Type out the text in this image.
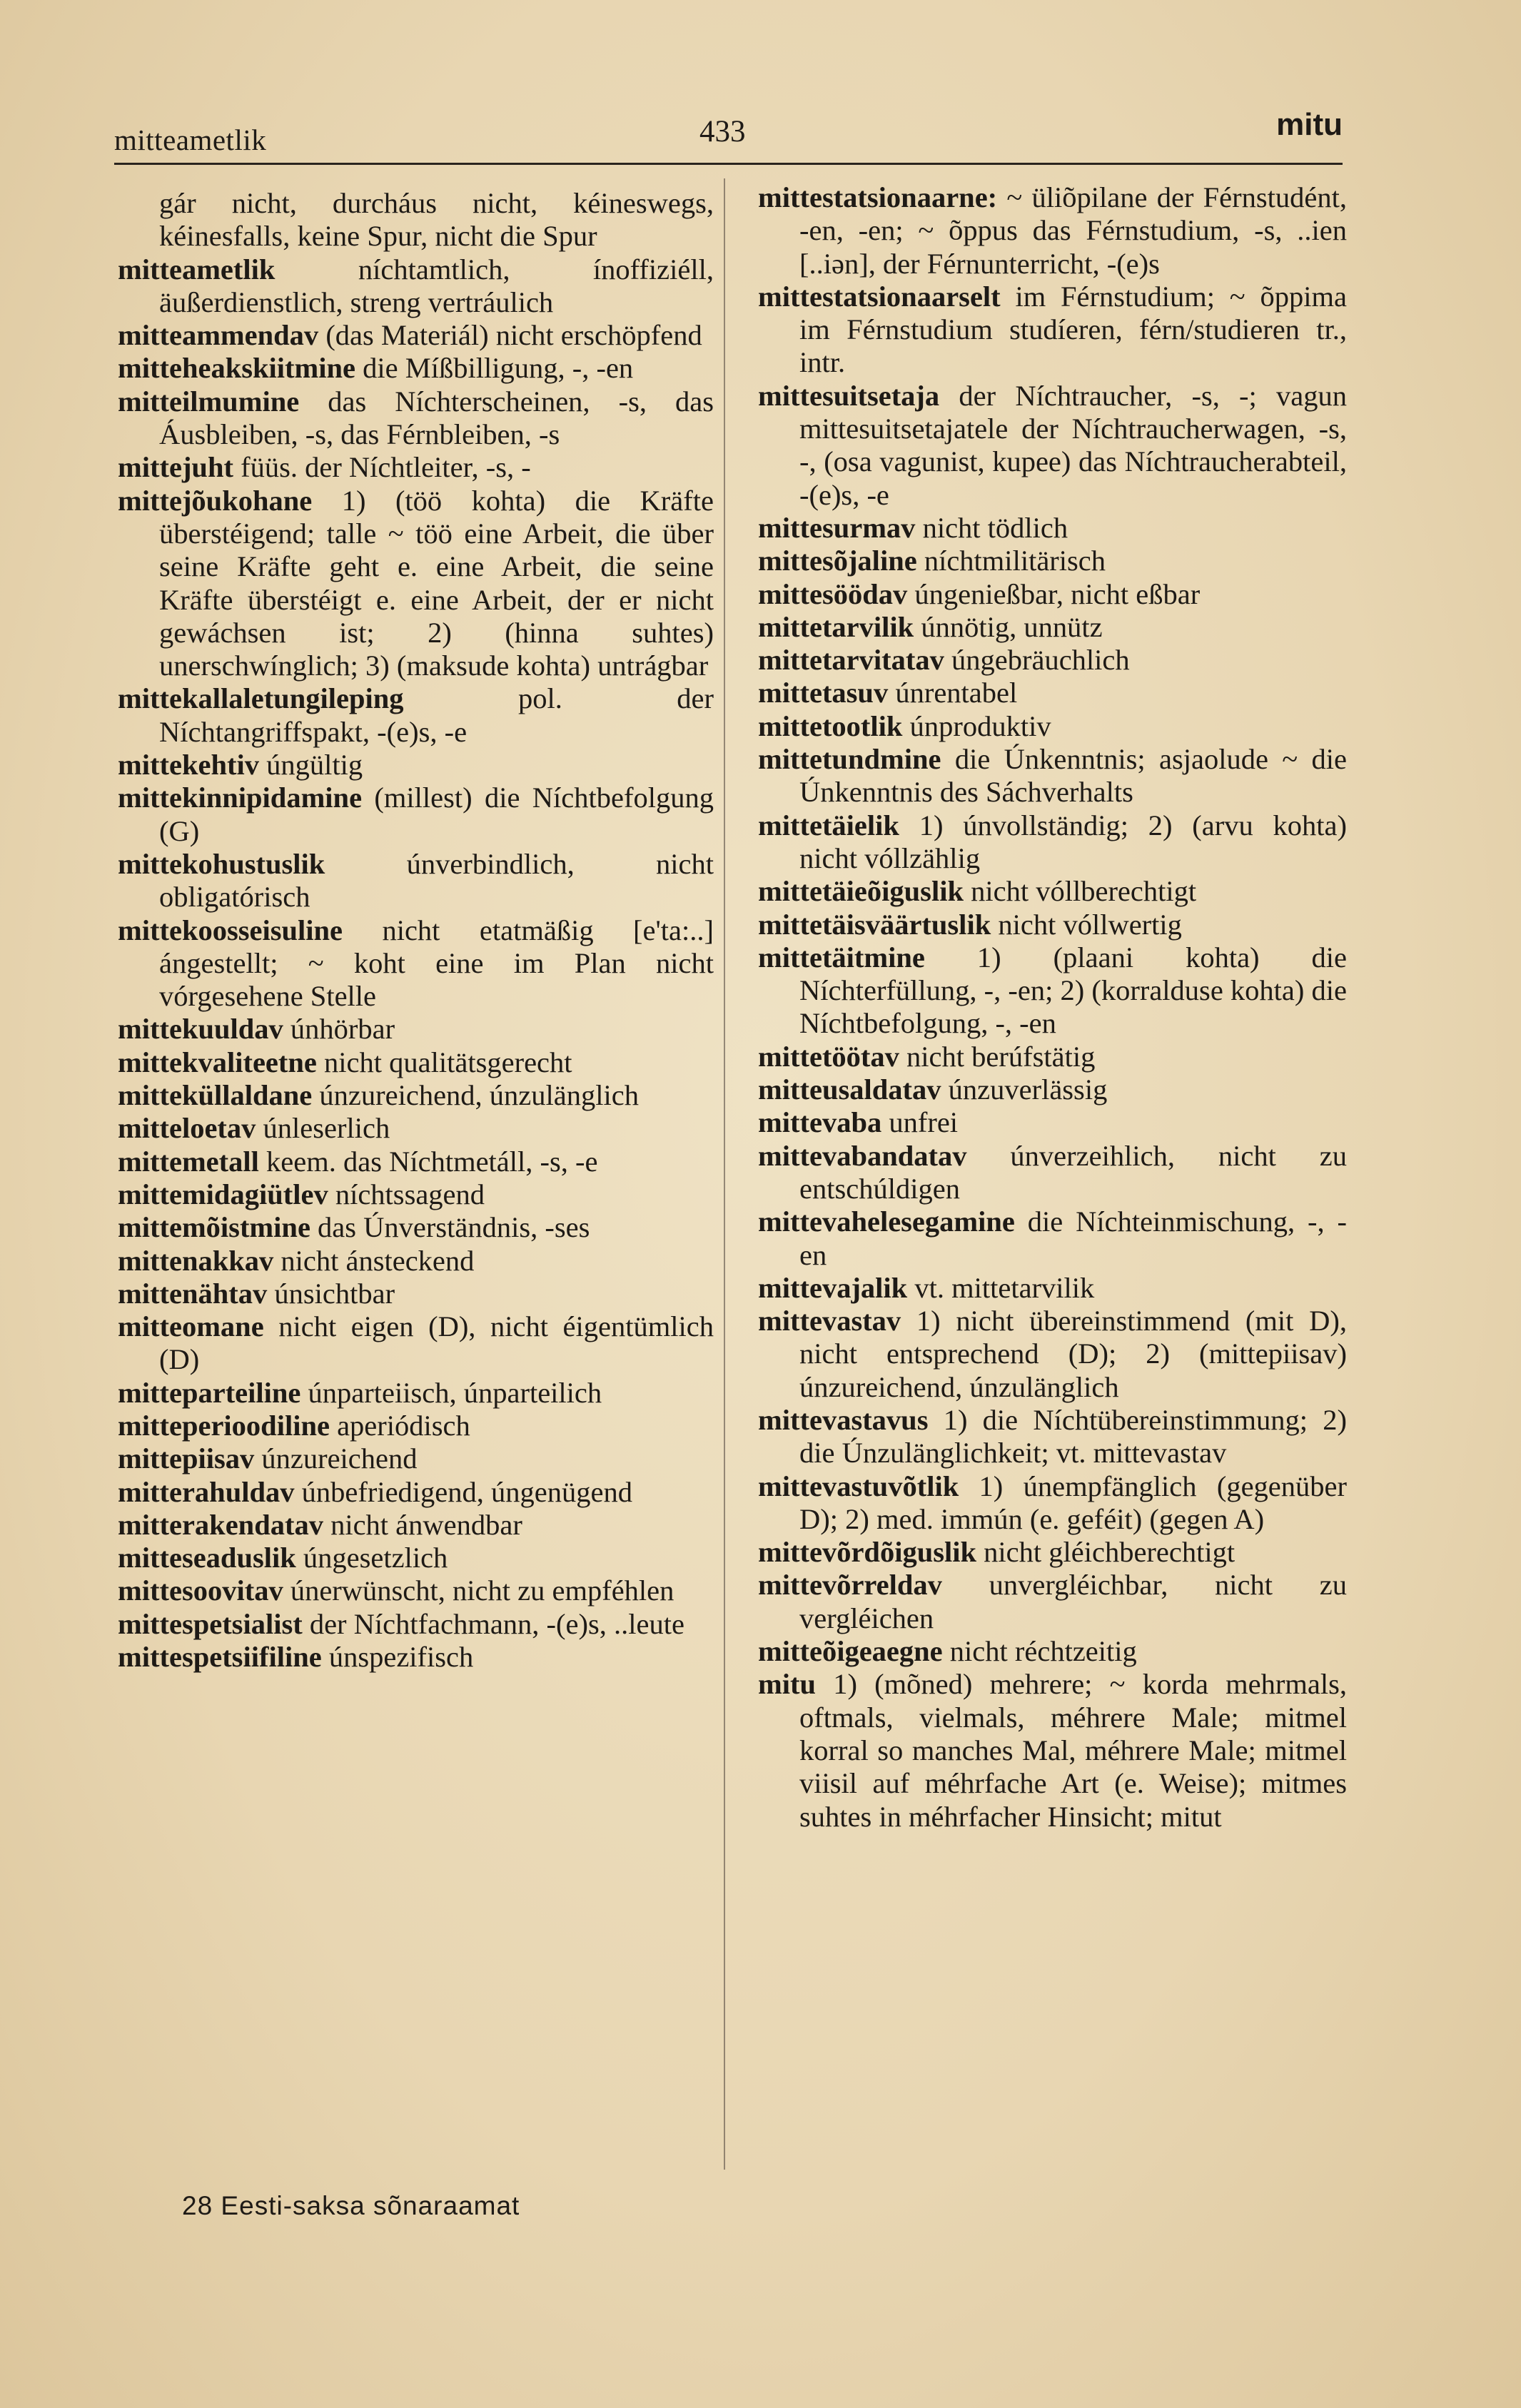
mitteametlik	433	mitu

gár nicht, durcháus nicht, kéineswegs, kéinesfalls, keine Spur, nicht die Spur

mitteametlik níchtamtlich, ínoffiziéll, äußerdienstlich, streng vertráulich

mitteammendav (das Materiál) nicht erschöpfend

mitteheakskiitmine die Míßbilligung, -, -en

mitteilmumine das Níchterscheinen, -s, das Áusbleiben, -s, das Férnbleiben, -s

mittejuht füüs. der Níchtleiter, -s, -

mittejõukohane 1) (töö kohta) die Kräfte überstéigend; talle ~ töö eine Arbeit, die über seine Kräfte geht e. eine Arbeit, die seine Kräfte überstéigt e. eine Arbeit, der er nicht gewáchsen ist; 2) (hinna suhtes) unerschwínglich; 3) (maksude kohta) untrágbar

mittekallaletungileping pol. der Níchtangriffspakt, -(e)s, -e

mittekehtiv úngültig

mittekinnipidamine (millest) die Níchtbefolgung (G)

mittekohustuslik únverbindlich, nicht obligatórisch

mittekoosseisuline nicht etatmäßig [e'ta:..] ángestellt; ~ koht eine im Plan nicht vórgesehene Stelle

mittekuuldav únhörbar

mittekvaliteetne nicht qualitätsgerecht

mitteküllaldane únzureichend, únzulänglich

mitteloetav únleserlich

mittemetall keem. das Níchtmetáll, -s, -e

mittemidagiütlev níchtssagend

mittemõistmine das Únverständnis, -ses

mittenakkav nicht ánsteckend

mittenähtav únsichtbar

mitteomane nicht eigen (D), nicht éigentümlich (D)

mitteparteiline únparteiisch, únparteilich

mitteperioodiline aperiódisch

mittepiisav únzureichend

mitterahuldav únbefriedigend, úngenügend

mitterakendatav nicht ánwendbar

mitteseaduslik úngesetzlich

mittesoovitav únerwünscht, nicht zu empféhlen

mittespetsialist der Níchtfachmann, -(e)s, ..leute

mittespetsiifiline únspezifisch

mittestatsionaarne: ~ üliõpilane der Férnstudént, -en, -en; ~ õppus das Férnstudium, -s, ..ien [..iən], der Férnunterricht, -(e)s

mittestatsionaarselt im Férnstudium; ~ õppima im Férnstudium studíeren, férn/studieren tr., intr.

mittesuitsetaja der Níchtraucher, -s, -; vagun mittesuitsetajatele der Níchtraucherwagen, -s, -, (osa vagunist, kupee) das Níchtraucherabteil, -(e)s, -e

mittesurmav nicht tödlich

mittesõjaline níchtmilitärisch

mittesöödav úngenießbar, nicht eßbar

mittetarvilik únnötig, unnütz

mittetarvitatav úngebräuchlich

mittetasuv únrentabel

mittetootlik únproduktiv

mittetundmine die Únkenntnis; asjaolude ~ die Únkenntnis des Sáchverhalts

mittetäielik 1) únvollständig; 2) (arvu kohta) nicht vóllzählig

mittetäieõiguslik nicht vóllberechtigt

mittetäisväärtuslik nicht vóllwertig

mittetäitmine 1) (plaani kohta) die Níchterfüllung, -, -en; 2) (korralduse kohta) die Níchtbefolgung, -, -en

mittetöötav nicht berúfstätig

mitteusaldatav únzuverlässig

mittevaba unfrei

mittevabandatav únverzeihlich, nicht zu entschúldigen

mittevahelesegamine die Níchteinmischung, -, -en

mittevajalik vt. mittetarvilik

mittevastav 1) nicht übereinstimmend (mit D), nicht entsprechend (D); 2) (mittepiisav) únzureichend, únzulänglich

mittevastavus 1) die Níchtübereinstimmung; 2) die Únzulänglichkeit; vt. mittevastav

mittevastuvõtlik 1) únempfänglich (gegenüber D); 2) med. immún (e. geféit) (gegen A)

mittevõrdõiguslik nicht gléichberechtigt

mittevõrreldav unvergléichbar, nicht zu vergléichen

mitteõigeaegne nicht réchtzeitig

mitu 1) (mõned) mehrere; ~ korda mehrmals, oftmals, vielmals, méhrere Male; mitmel korral so manches Mal, méhrere Male; mitmel viisil auf méhrfache Art (e. Weise); mitmes suhtes in méhrfacher Hinsicht; mitut

28 Eesti-saksa sõnaraamat
